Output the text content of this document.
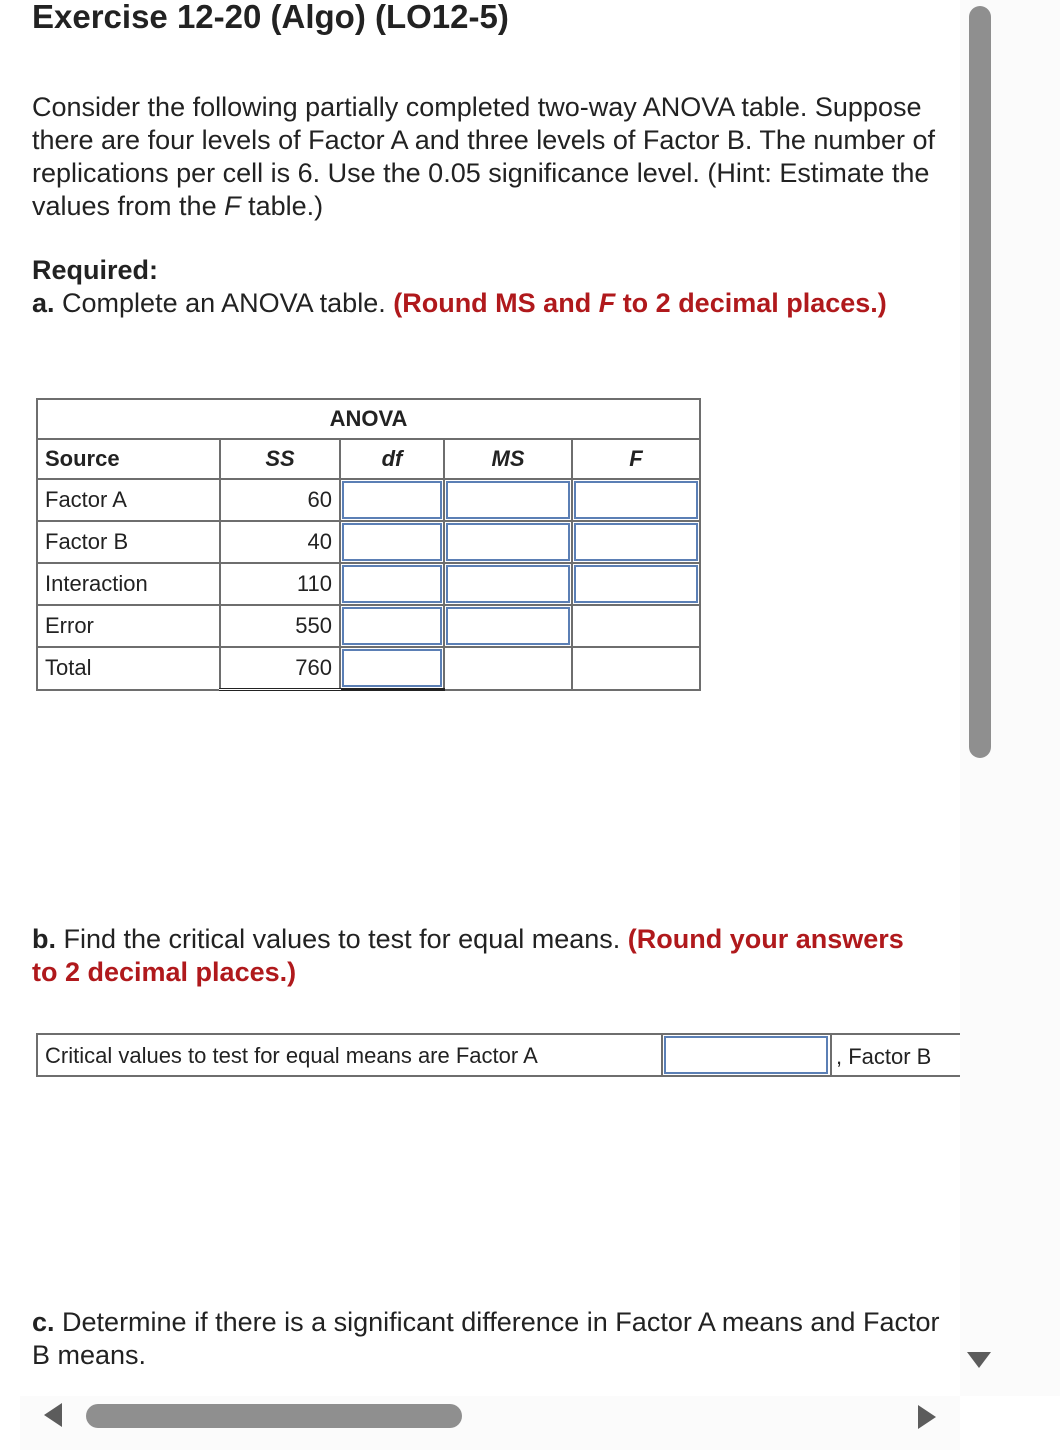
Exercise 12-20 (Algo) (LO12-5)

Consider the following partially completed two-way ANOVA table. Suppose there are four levels of Factor A and three levels of Factor B. The number of replications per cell is 6. Use the 0.05 significance level. (Hint: Estimate the values from the F table.)

Required:
a. Complete an ANOVA table. (Round MS and F to 2 decimal places.)
ANOVA				
Source	SS	df	MS	F
Factor A	60	

Factor B	40	

Interaction	110	

Error	550	

Total	760	

b. Find the critical values to test for equal means. (Round your answers to 2 decimal places.)

Critical values to test for equal means are Factor A	, Factor B

c. Determine if there is a significant difference in Factor A means and Factor B means.
